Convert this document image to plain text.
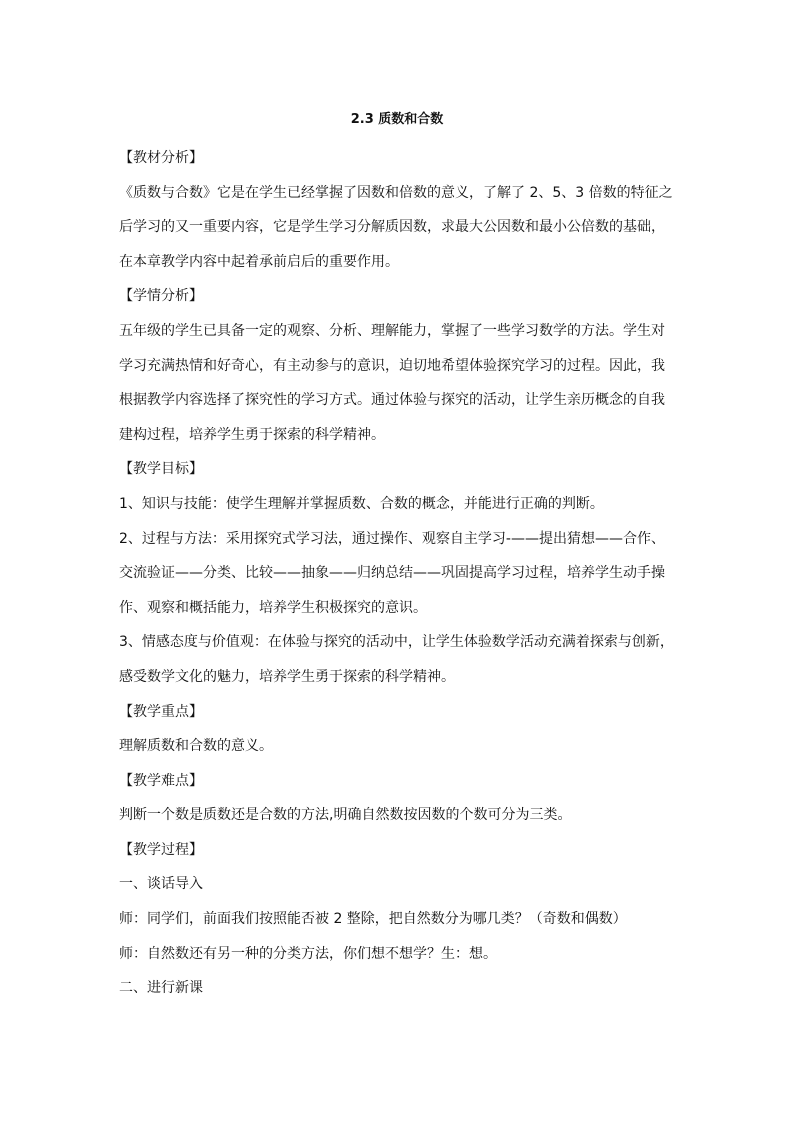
2.3 质数和合数

【教材分析】

《质数与合数》它是在学生已经掌握了因数和倍数的意义，了解了 2、5、3 倍数的特征之

后学习的又一重要内容，它是学生学习分解质因数，求最大公因数和最小公倍数的基础，

在本章教学内容中起着承前启后的重要作用。

【学情分析】

五年级的学生已具备一定的观察、分析、理解能力，掌握了一些学习数学的方法。学生对

学习充满热情和好奇心，有主动参与的意识，迫切地希望体验探究学习的过程。因此，我

根据教学内容选择了探究性的学习方式。通过体验与探究的活动，让学生亲历概念的自我

建构过程，培养学生勇于探索的科学精神。

【教学目标】

1、知识与技能：使学生理解并掌握质数、合数的概念，并能进行正确的判断。

2、过程与方法：采用探究式学习法，通过操作、观察自主学习-——提出猜想——合作、

交流验证——分类、比较——抽象——归纳总结——巩固提高学习过程，培养学生动手操

作、观察和概括能力，培养学生积极探究的意识。

3、情感态度与价值观：在体验与探究的活动中，让学生体验数学活动充满着探索与创新，

感受数学文化的魅力，培养学生勇于探索的科学精神。

【教学重点】

理解质数和合数的意义。

【教学难点】

判断一个数是质数还是合数的方法,明确自然数按因数的个数可分为三类。

【教学过程】

一、谈话导入

师：同学们，前面我们按照能否被 2 整除，把自然数分为哪几类？（奇数和偶数）

师：自然数还有另一种的分类方法，你们想不想学？生：想。

二、进行新课
